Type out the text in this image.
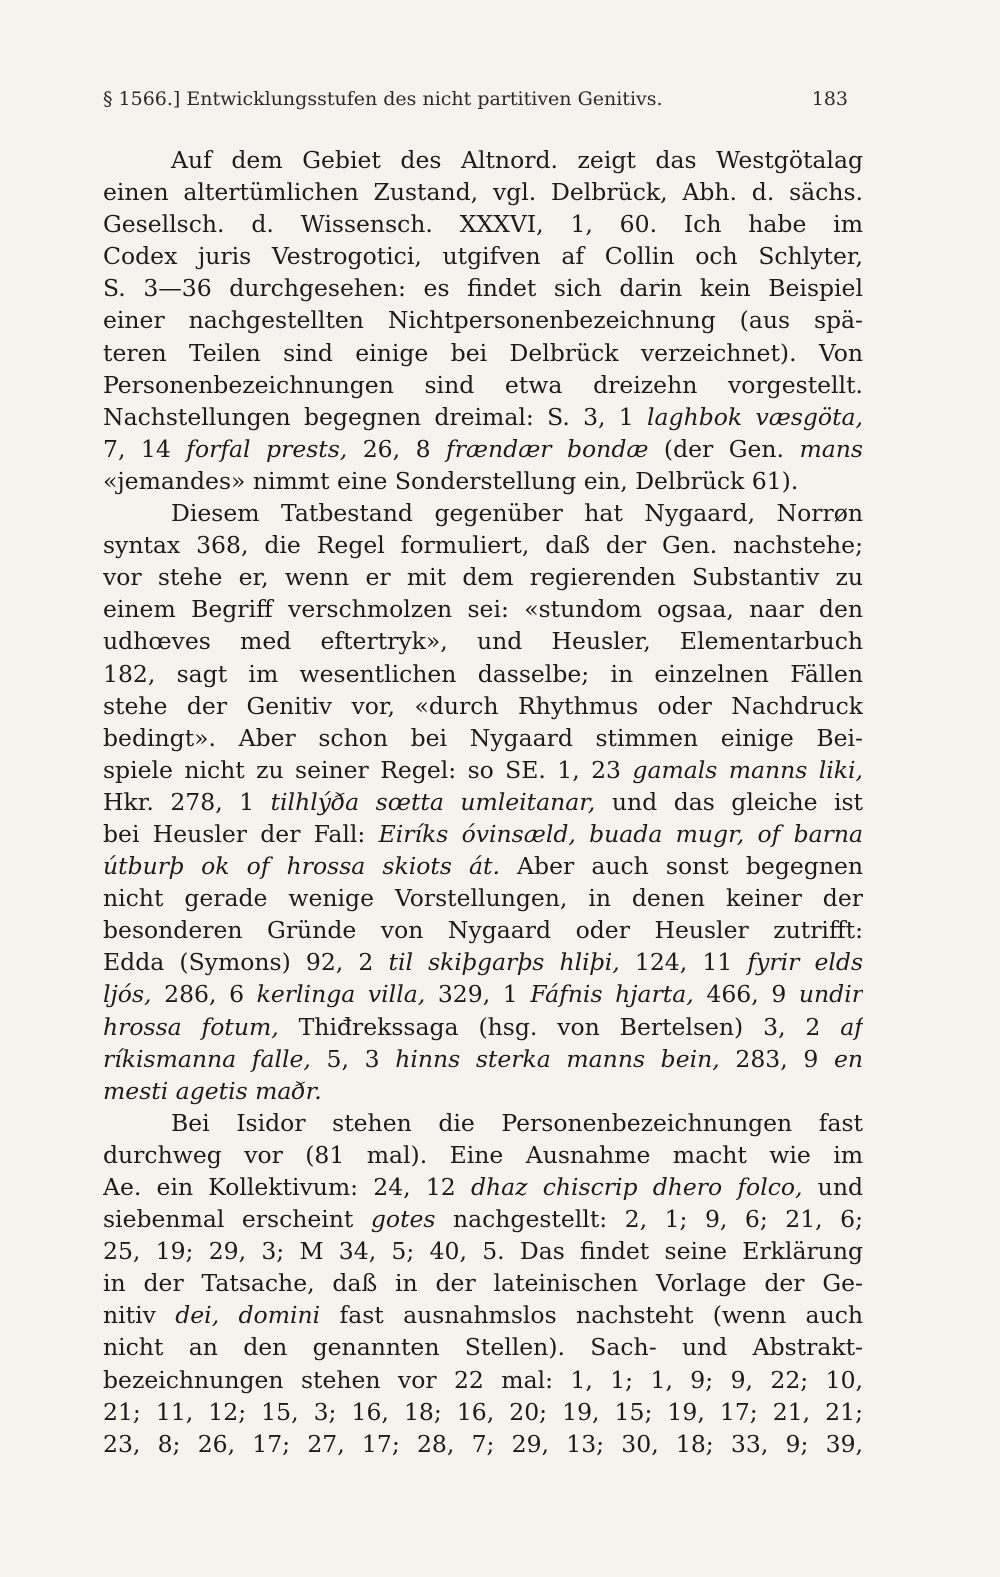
§ 1566.] Entwicklungsstufen des nicht partitiven Genitivs.	183
Auf dem Gebiet des Altnord. zeigt das Westgötalag
einen altertümlichen Zustand, vgl. Delbrück, Abh. d. sächs.
Gesellsch. d. Wissensch. XXXVI, 1, 60. Ich habe im
Codex juris Vestrogotici, utgifven af Collin och Schlyter,
S. 3—36 durchgesehen: es findet sich darin kein Beispiel
einer nachgestellten Nichtpersonenbezeichnung (aus spä-
teren Teilen sind einige bei Delbrück verzeichnet). Von
Personenbezeichnungen sind etwa dreizehn vorgestellt.
Nachstellungen begegnen dreimal: S. 3, 1 laghbok væsgöta,
7, 14 forfal prests, 26, 8 frændær bondæ (der Gen. mans
«jemandes» nimmt eine Sonderstellung ein, Delbrück 61).
Diesem Tatbestand gegenüber hat Nygaard, Norrøn
syntax 368, die Regel formuliert, daß der Gen. nachstehe;
vor stehe er, wenn er mit dem regierenden Substantiv zu
einem Begriff verschmolzen sei: «stundom ogsaa, naar den
udhœves med eftertryk», und Heusler, Elementarbuch
182, sagt im wesentlichen dasselbe; in einzelnen Fällen
stehe der Genitiv vor, «durch Rhythmus oder Nachdruck
bedingt». Aber schon bei Nygaard stimmen einige Bei-
spiele nicht zu seiner Regel: so SE. 1, 23 gamals manns liki,
Hkr. 278, 1 tilhlýða sœtta umleitanar, und das gleiche ist
bei Heusler der Fall: Eiríks óvinsæld, buada mugr, of barna
útburþ ok of hrossa skiots át. Aber auch sonst begegnen
nicht gerade wenige Vorstellungen, in denen keiner der
besonderen Gründe von Nygaard oder Heusler zutrifft:
Edda (Symons) 92, 2 til skiþgarþs hliþi, 124, 11 fyrir elds
ljós, 286, 6 kerlinga villa, 329, 1 Fáfnis hjarta, 466, 9 undir
hrossa fotum, Thiđrekssaga (hsg. von Bertelsen) 3, 2 af
ríkismanna falle, 5, 3 hinns sterka manns bein, 283, 9 en
mesti agetis maðr.
Bei Isidor stehen die Personenbezeichnungen fast
durchweg vor (81 mal). Eine Ausnahme macht wie im
Ae. ein Kollektivum: 24, 12 dhaz chiscrip dhero folco, und
siebenmal erscheint gotes nachgestellt: 2, 1; 9, 6; 21, 6;
25, 19; 29, 3; M 34, 5; 40, 5. Das findet seine Erklärung
in der Tatsache, daß in der lateinischen Vorlage der Ge-
nitiv dei, domini fast ausnahmslos nachsteht (wenn auch
nicht an den genannten Stellen). Sach- und Abstrakt-
bezeichnungen stehen vor 22 mal: 1, 1; 1, 9; 9, 22; 10,
21; 11, 12; 15, 3; 16, 18; 16, 20; 19, 15; 19, 17; 21, 21;
23, 8; 26, 17; 27, 17; 28, 7; 29, 13; 30, 18; 33, 9; 39,
